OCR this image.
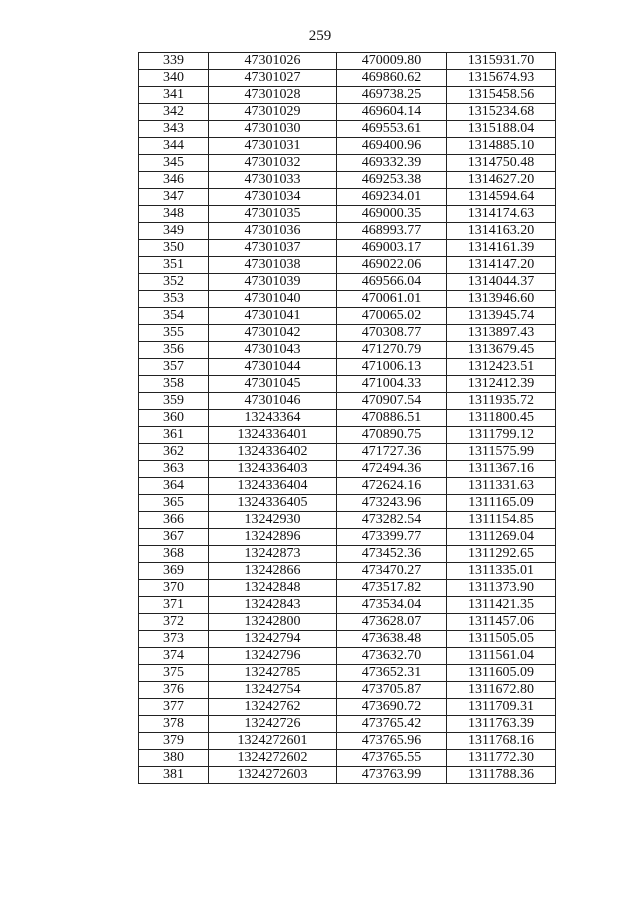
259
339	47301026	470009.80	1315931.70
340	47301027	469860.62	1315674.93
341	47301028	469738.25	1315458.56
342	47301029	469604.14	1315234.68
343	47301030	469553.61	1315188.04
344	47301031	469400.96	1314885.10
345	47301032	469332.39	1314750.48
346	47301033	469253.38	1314627.20
347	47301034	469234.01	1314594.64
348	47301035	469000.35	1314174.63
349	47301036	468993.77	1314163.20
350	47301037	469003.17	1314161.39
351	47301038	469022.06	1314147.20
352	47301039	469566.04	1314044.37
353	47301040	470061.01	1313946.60
354	47301041	470065.02	1313945.74
355	47301042	470308.77	1313897.43
356	47301043	471270.79	1313679.45
357	47301044	471006.13	1312423.51
358	47301045	471004.33	1312412.39
359	47301046	470907.54	1311935.72
360	13243364	470886.51	1311800.45
361	1324336401	470890.75	1311799.12
362	1324336402	471727.36	1311575.99
363	1324336403	472494.36	1311367.16
364	1324336404	472624.16	1311331.63
365	1324336405	473243.96	1311165.09
366	13242930	473282.54	1311154.85
367	13242896	473399.77	1311269.04
368	13242873	473452.36	1311292.65
369	13242866	473470.27	1311335.01
370	13242848	473517.82	1311373.90
371	13242843	473534.04	1311421.35
372	13242800	473628.07	1311457.06
373	13242794	473638.48	1311505.05
374	13242796	473632.70	1311561.04
375	13242785	473652.31	1311605.09
376	13242754	473705.87	1311672.80
377	13242762	473690.72	1311709.31
378	13242726	473765.42	1311763.39
379	1324272601	473765.96	1311768.16
380	1324272602	473765.55	1311772.30
381	1324272603	473763.99	1311788.36
